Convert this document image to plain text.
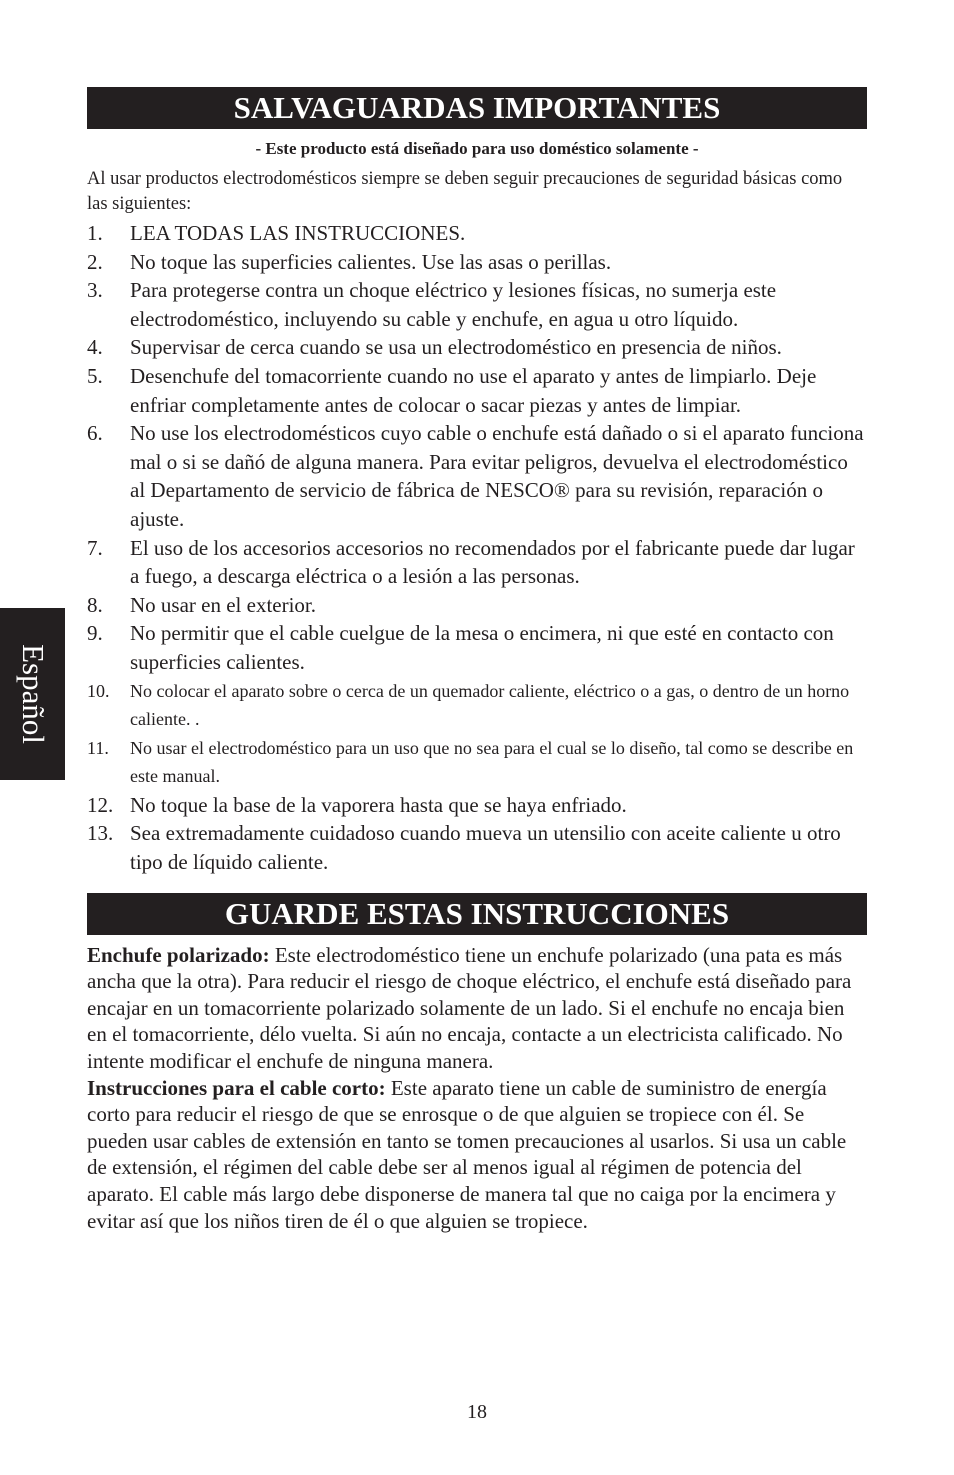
Español
SALVAGUARDAS IMPORTANTES
- Este producto está diseñado para uso doméstico solamente -
Al usar productos electrodomésticos siempre se deben seguir precauciones de seguridad básicas como las siguientes:
1. LEA TODAS LAS INSTRUCCIONES.
2. No toque las superficies calientes. Use las asas o perillas.
3. Para protegerse contra un choque eléctrico y lesiones físicas, no sumerja este electrodoméstico, incluyendo su cable y enchufe, en agua u otro líquido.
4. Supervisar de cerca cuando se usa un electrodoméstico en presencia de niños.
5. Desenchufe del tomacorriente cuando no use el aparato y antes de limpiarlo. Deje enfriar completamente antes de colocar o sacar piezas y antes de limpiar.
6. No use los electrodomésticos cuyo cable o enchufe está dañado o si el aparato funciona mal o si se dañó de alguna manera. Para evitar peligros, devuelva el electrodoméstico al Departamento de servicio de fábrica de NESCO® para su revisión, reparación o ajuste.
7. El uso de los accesorios accesorios no recomendados por el fabricante puede dar lugar a fuego, a descarga eléctrica o a lesión a las personas.
8. No usar en el exterior.
9. No permitir que el cable cuelgue de la mesa o encimera, ni que esté en contacto con superficies calientes.
10. No colocar el aparato sobre o cerca de un quemador caliente, eléctrico o a gas, o dentro de un horno caliente. .
11. No usar el electrodoméstico para un uso que no sea para el cual se lo diseño, tal como se describe en este manual.
12. No toque la base de la vaporera hasta que se haya enfriado.
13. Sea extremadamente cuidadoso cuando mueva un utensilio con aceite caliente u otro tipo de líquido caliente.
GUARDE ESTAS INSTRUCCIONES
Enchufe polarizado: Este electrodoméstico tiene un enchufe polarizado (una pata es más ancha que la otra). Para reducir el riesgo de choque eléctrico, el enchufe está diseñado para encajar en un tomacorriente polarizado solamente de un lado. Si el enchufe no encaja bien en el tomacorriente, délo vuelta. Si aún no encaja, contacte a un electricista calificado. No intente modificar el enchufe de ninguna manera.
Instrucciones para el cable corto: Este aparato tiene un cable de suministro de energía corto para reducir el riesgo de que se enrosque o de que alguien se tropiece con él. Se pueden usar cables de extensión en tanto se tomen precauciones al usarlos. Si usa un cable de extensión, el régimen del cable debe ser al menos igual al régimen de potencia del aparato. El cable más largo debe disponerse de manera tal que no caiga por la encimera y evitar así que los niños tiren de él o que alguien se tropiece.
18
